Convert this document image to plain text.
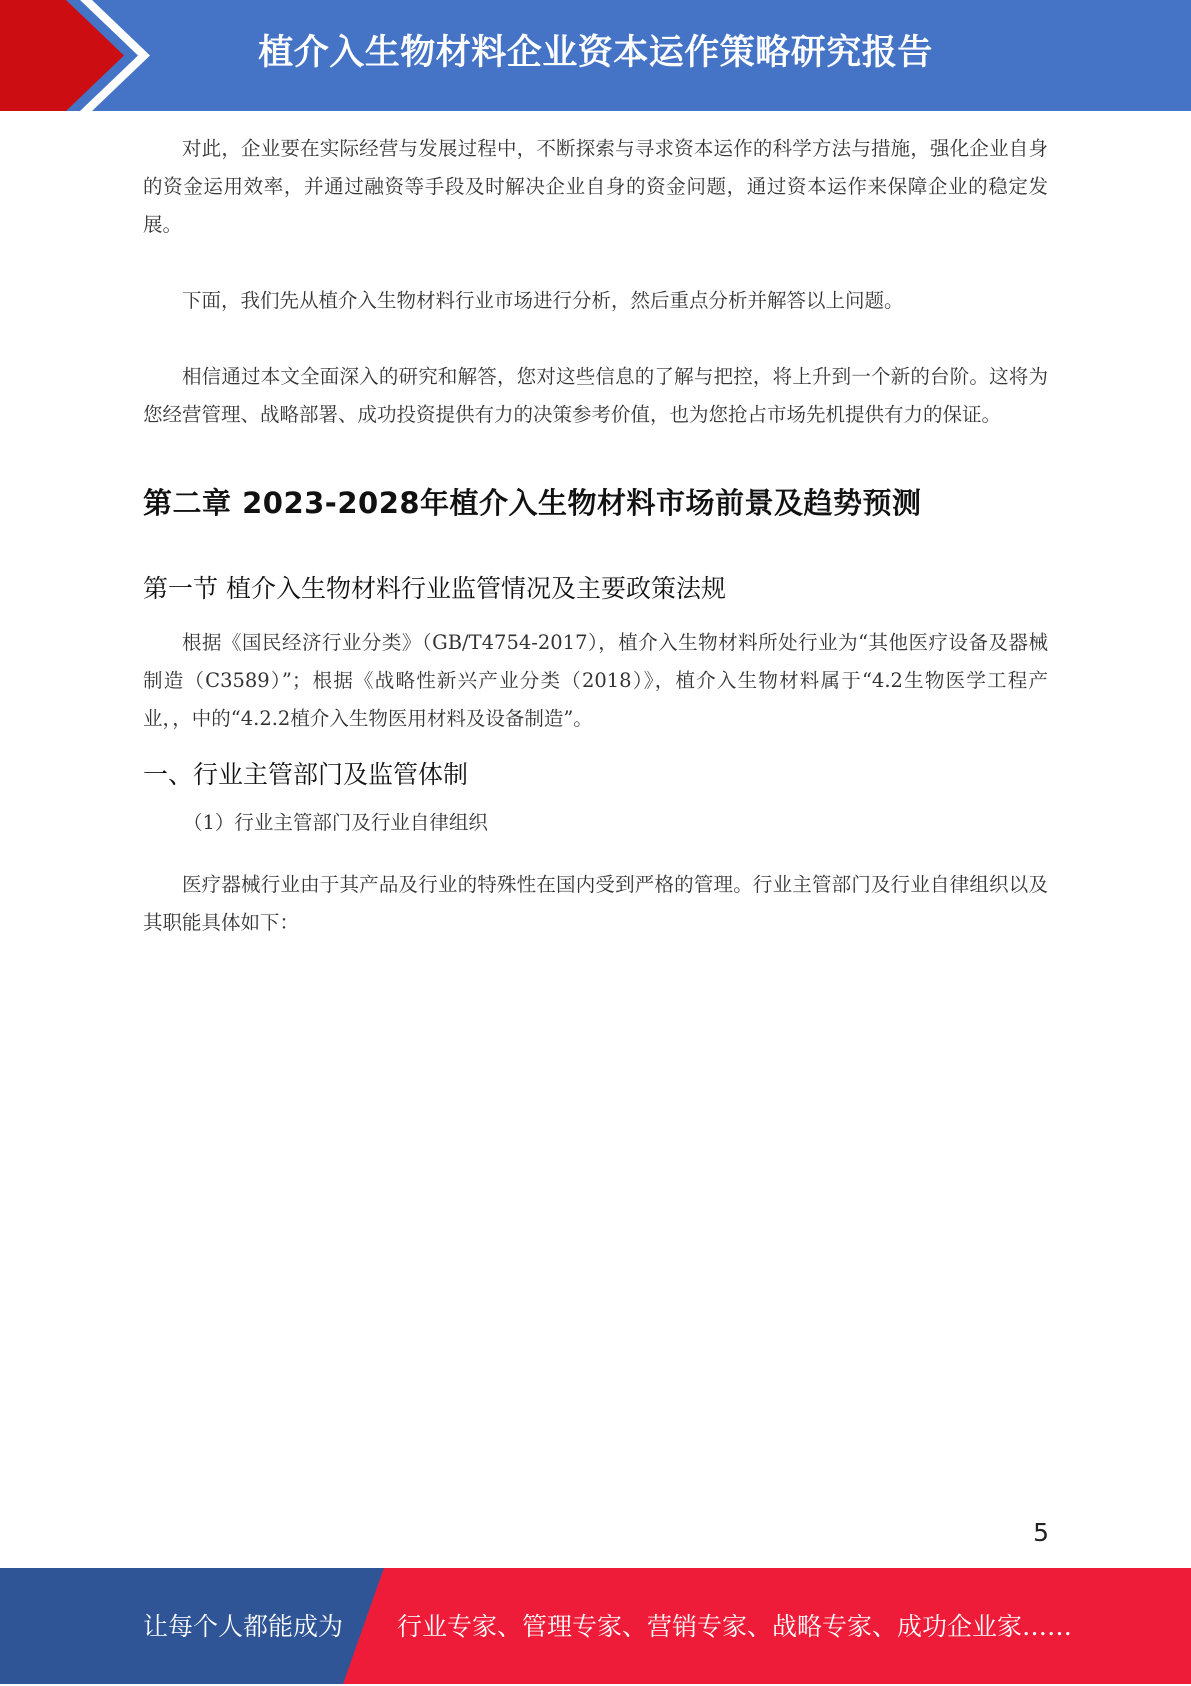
植介入生物材料企业资本运作策略研究报告

对此，企业要在实际经营与发展过程中，不断探索与寻求资本运作的科学方法与措施，强化企业自身的资金运用效率，并通过融资等手段及时解决企业自身的资金问题，通过资本运作来保障企业的稳定发展。

下面，我们先从植介入生物材料行业市场进行分析，然后重点分析并解答以上问题。

相信通过本文全面深入的研究和解答，您对这些信息的了解与把控，将上升到一个新的台阶。这将为您经营管理、战略部署、成功投资提供有力的决策参考价值，也为您抢占市场先机提供有力的保证。

第二章 2023-2028年植介入生物材料市场前景及趋势预测
第一节 植介入生物材料行业监管情况及主要政策法规

根据《国民经济行业分类》（GB/T4754-2017），植介入生物材料所处行业为“其他医疗设备及器械制造（C3589）”；根据《战略性新兴产业分类（2018）》，植介入生物材料属于“4.2生物医学工程产业，，中的“4.2.2植介入生物医用材料及设备制造”。

一、行业主管部门及监管体制

（1）行业主管部门及行业自律组织

医疗器械行业由于其产品及行业的特殊性在国内受到严格的管理。行业主管部门及行业自律组织以及其职能具体如下：

5
让每个人都能成为 行业专家、管理专家、营销专家、战略专家、成功企业家……
